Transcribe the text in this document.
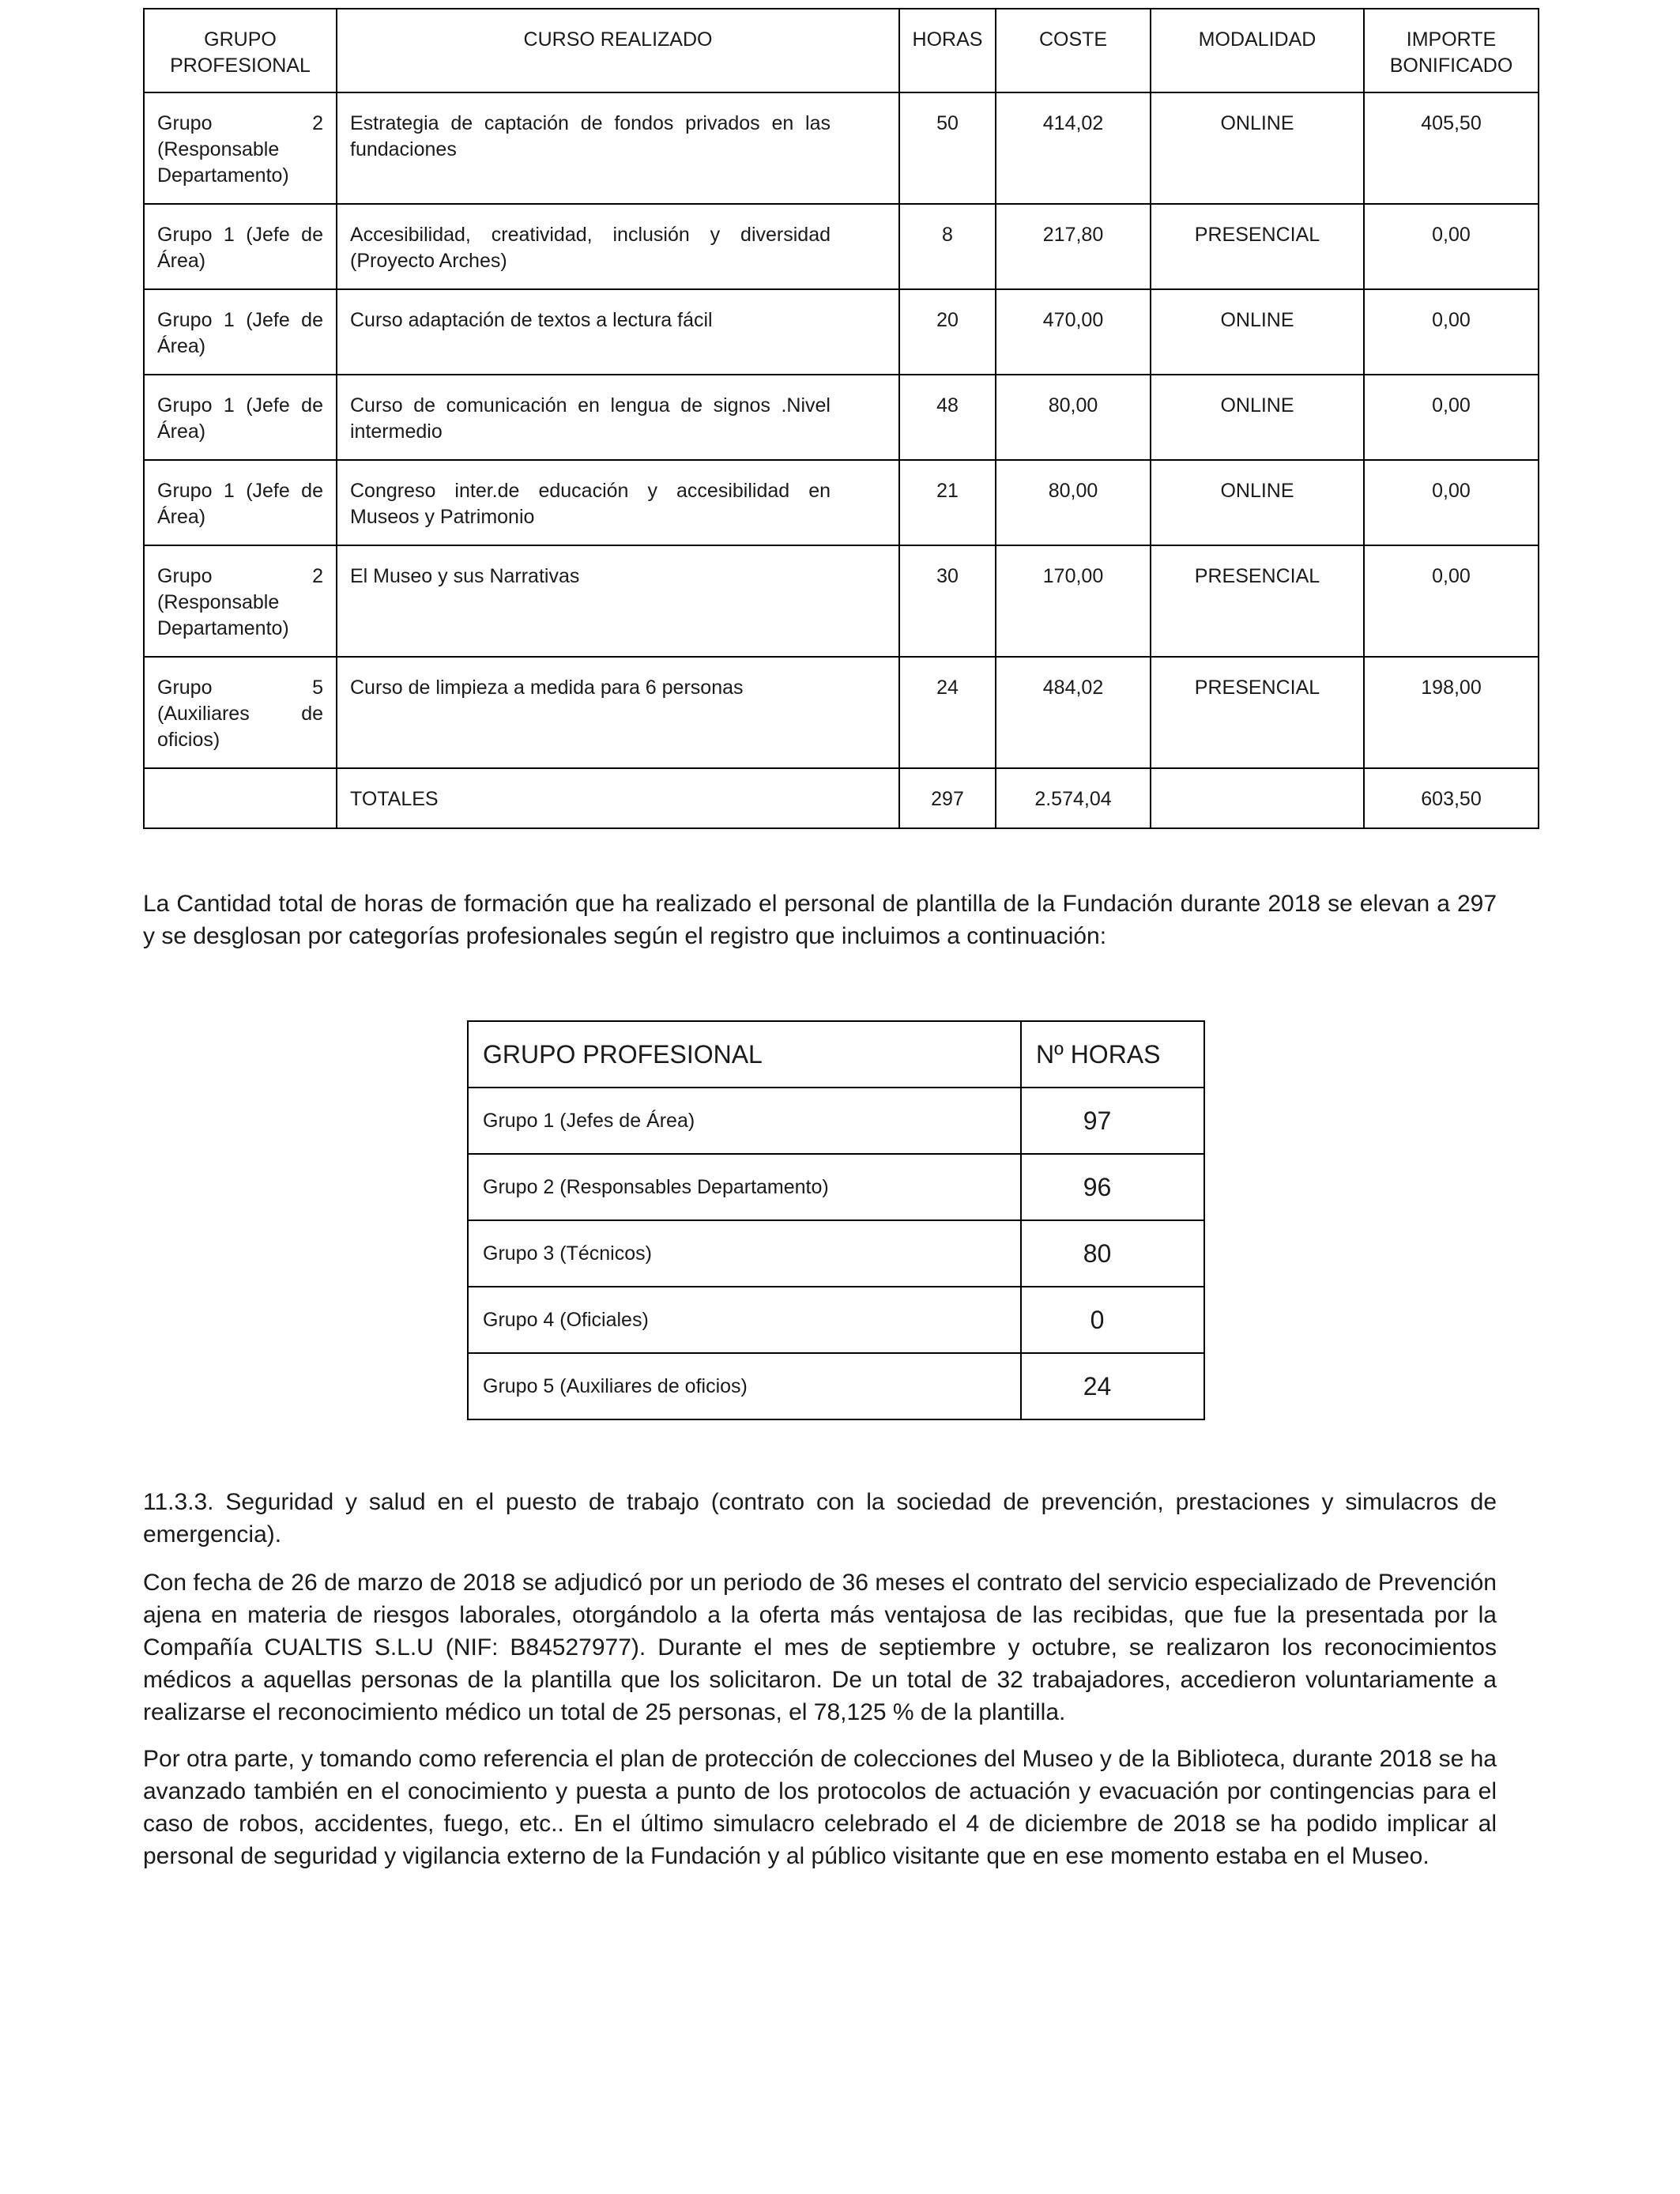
GRUPO PROFESIONAL	CURSO REALIZADO	HORAS	COSTE	MODALIDAD	IMPORTE BONIFICADO
Grupo 2 (Responsable Departamento)	Estrategia de captación de fondos privados en las fundaciones	50	414,02	ONLINE	405,50
Grupo 1 (Jefe de Área)	Accesibilidad, creatividad, inclusión y diversidad (Proyecto Arches)	8	217,80	PRESENCIAL	0,00
Grupo 1 (Jefe de Área)	Curso adaptación de textos a lectura fácil	20	470,00	ONLINE	0,00
Grupo 1 (Jefe de Área)	Curso de comunicación en lengua de signos .Nivel intermedio	48	80,00	ONLINE	0,00
Grupo 1 (Jefe de Área)	Congreso inter.de educación y accesibilidad en Museos y Patrimonio	21	80,00	ONLINE	0,00
Grupo 2 (Responsable Departamento)	El Museo y sus Narrativas	30	170,00	PRESENCIAL	0,00
Grupo 5 (Auxiliares de oficios)	Curso de limpieza a medida para 6 personas	24	484,02	PRESENCIAL	198,00
	TOTALES	297	2.574,04		603,50

La Cantidad total de horas de formación que ha realizado el personal de plantilla de la Fundación durante 2018 se elevan a 297 y se desglosan por categorías profesionales según el registro que incluimos a continuación:

GRUPO PROFESIONAL	Nº HORAS
Grupo 1 (Jefes de Área)	97
Grupo 2 (Responsables Departamento)	96
Grupo 3 (Técnicos)	80
Grupo 4 (Oficiales)	0
Grupo 5 (Auxiliares de oficios)	24

11.3.3. Seguridad y salud en el puesto de trabajo (contrato con la sociedad de prevención, prestaciones y simulacros de emergencia).

Con fecha de 26 de marzo de 2018 se adjudicó por un periodo de 36 meses el contrato del servicio especializado de Prevención ajena en materia de riesgos laborales, otorgándolo a la oferta más ventajosa de las recibidas, que fue la presentada por la Compañía CUALTIS S.L.U (NIF: B84527977). Durante el mes de septiembre y octubre, se realizaron los reconocimientos médicos a aquellas personas de la plantilla que los solicitaron. De un total de 32 trabajadores, accedieron voluntariamente a realizarse el reconocimiento médico un total de 25 personas, el 78,125 % de la plantilla.

Por otra parte, y tomando como referencia el plan de protección de colecciones del Museo y de la Biblioteca, durante 2018 se ha avanzado también en el conocimiento y puesta a punto de los protocolos de actuación y evacuación por contingencias para el caso de robos, accidentes, fuego, etc.. En el último simulacro celebrado el 4 de diciembre de 2018 se ha podido implicar al personal de seguridad y vigilancia externo de la Fundación y al público visitante que en ese momento estaba en el Museo.
